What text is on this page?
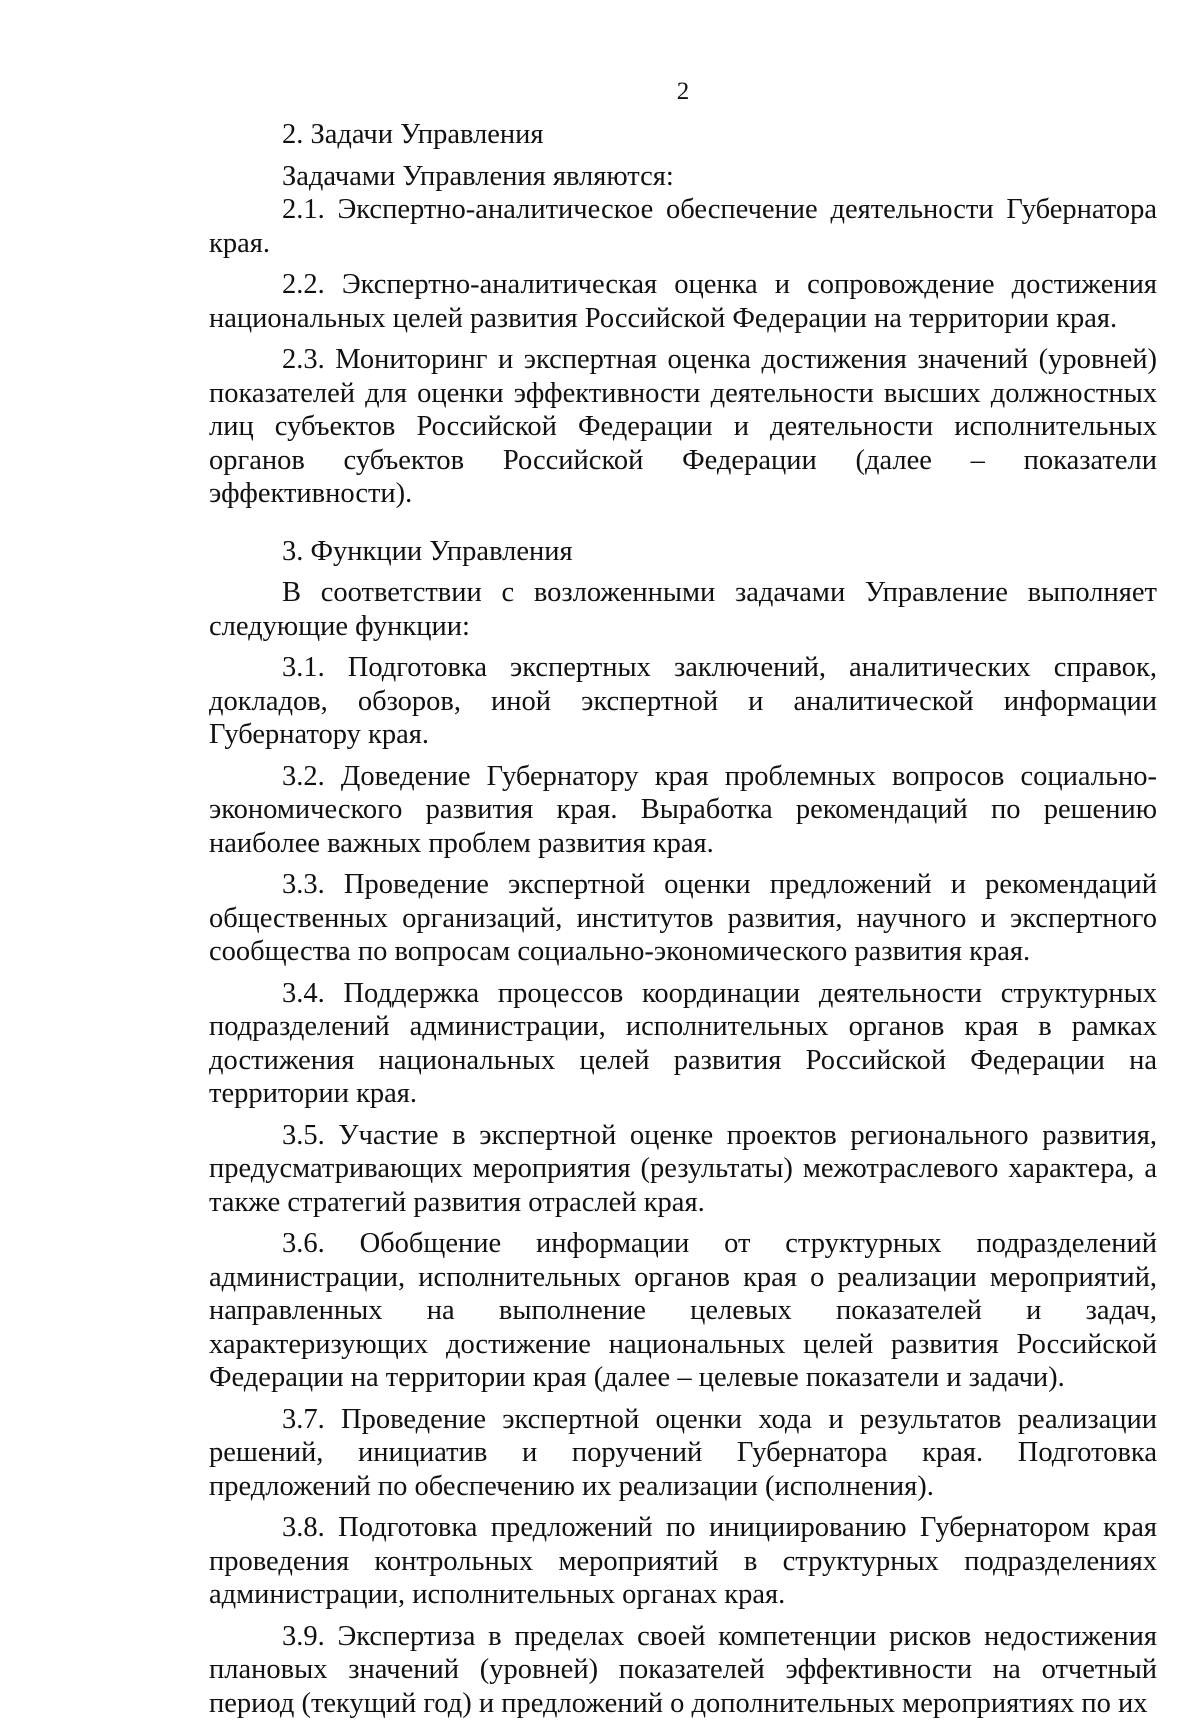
2

2. Задачи Управления

Задачами Управления являются:

2.1. Экспертно-аналитическое обеспечение деятельности Губернатора края.

2.2. Экспертно-аналитическая оценка и сопровождение достижения национальных целей развития Российской Федерации на территории края.

2.3. Мониторинг и экспертная оценка достижения значений (уровней) показателей для оценки эффективности деятельности высших должностных лиц субъектов Российской Федерации и деятельности исполнительных органов субъектов Российской Федерации (далее – показатели эффективности).

3. Функции Управления

В соответствии с возложенными задачами Управление выполняет следующие функции:

3.1. Подготовка экспертных заключений, аналитических справок, докладов, обзоров, иной экспертной и аналитической информации Губернатору края.

3.2. Доведение Губернатору края проблемных вопросов социально-экономического развития края. Выработка рекомендаций по решению наиболее важных проблем развития края.

3.3. Проведение экспертной оценки предложений и рекомендаций общественных организаций, институтов развития, научного и экспертного сообщества по вопросам социально-экономического развития края.

3.4. Поддержка процессов координации деятельности структурных подразделений администрации, исполнительных органов края в рамках достижения национальных целей развития Российской Федерации на территории края.

3.5. Участие в экспертной оценке проектов регионального развития, предусматривающих мероприятия (результаты) межотраслевого характера, а также стратегий развития отраслей края.

3.6. Обобщение информации от структурных подразделений администрации, исполнительных органов края о реализации мероприятий, направленных на выполнение целевых показателей и задач, характеризующих достижение национальных целей развития Российской Федерации на территории края (далее – целевые показатели и задачи).

3.7. Проведение экспертной оценки хода и результатов реализации решений, инициатив и поручений Губернатора края. Подготовка предложений по обеспечению их реализации (исполнения).

3.8. Подготовка предложений по инициированию Губернатором края проведения контрольных мероприятий в структурных подразделениях администрации, исполнительных органах края.

3.9. Экспертиза в пределах своей компетенции рисков недостижения плановых значений (уровней) показателей эффективности на отчетный период (текущий год) и предложений о дополнительных мероприятиях по их
